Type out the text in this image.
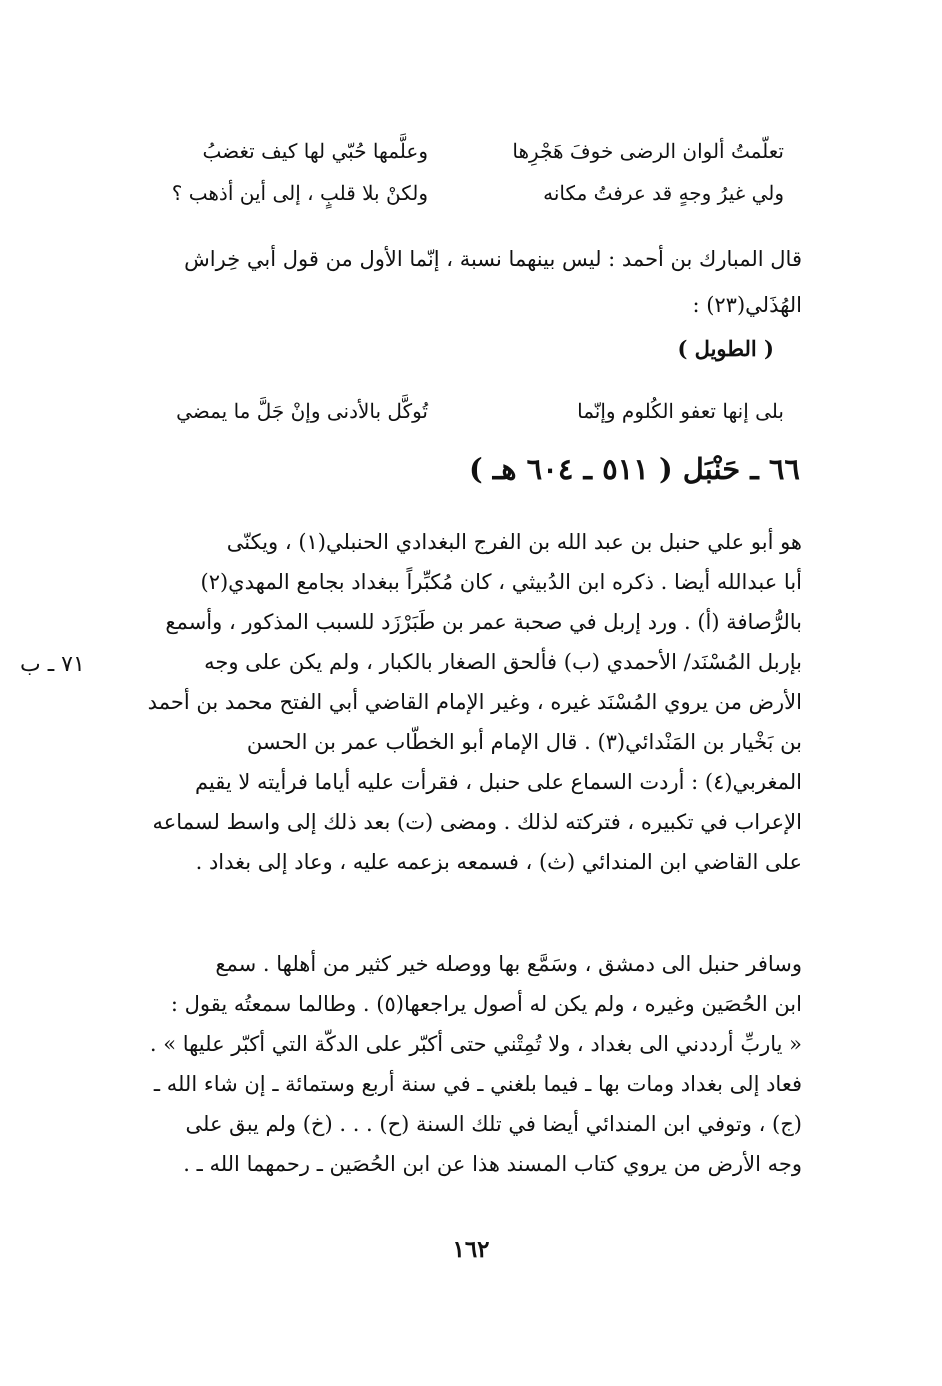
تعلّمتُ ألوان الرضى خوفَ هَجْرِها
وعلَّمها حُبّي لها كيف تغضبُ
ولي غيرُ وجهٍ قد عرفتُ مكانه
ولكنْ بلا قلبٍ ، إلى أين أذهب ؟
قال المبارك بن أحمد : ليس بينهما نسبة ، إنّما الأول من قول أبي خِراش
الهُذَلي(٢٣) :
( الطويل )
بلى إنها تعفو الكُلوم وإنّما
تُوكَّل بالأدنى وإنْ جَلَّ ما يمضي
٦٦ ـ حَنْبَل ( ٥١١ ـ ٦٠٤ هـ )
هو أبو علي حنبل بن عبد الله بن الفرج البغدادي الحنبلي(١) ، ويكنّى
أبا عبدالله أيضا . ذكره ابن الدُبيثي ، كان مُكبِّراً ببغداد بجامع المهدي(٢)
بالرُّصافة (أ) . ورد إربل في صحبة عمر بن طَبَرْزَد للسبب المذكور ، وأسمع
بإربل المُسْنَد/ الأحمدي (ب) فألحق الصغار بالكبار ، ولم يكن على وجه
الأرض من يروي المُسْنَد غيره ، وغير الإمام القاضي أبي الفتح محمد بن أحمد
بن بَخْيار بن المَنْدائي(٣) . قال الإمام أبو الخطّاب عمر بن الحسن
المغربي(٤) : أردت السماع على حنبل ، فقرأت عليه أياما فرأيته لا يقيم
الإعراب في تكبيره ، فتركته لذلك . ومضى (ت) بعد ذلك إلى واسط لسماعه
على القاضي ابن المندائي (ث) ، فسمعه بزعمه عليه ، وعاد إلى بغداد .
٧١ ـ ب
وسافر حنبل الى دمشق ، وسَمَّع بها ووصله خير كثير من أهلها . سمع
ابن الحُصَين وغيره ، ولم يكن له أصول يراجعها(٥) . وطالما سمعتُه يقول :
« ياربِّ أرددني الى بغداد ، ولا تُمِتْني حتى أكبّر على الدكّة التي أكبّر عليها » .
فعاد إلى بغداد ومات بها ـ فيما بلغني ـ في سنة أربع وستمائة ـ إن شاء الله ـ
(ج) ، وتوفي ابن المندائي أيضا في تلك السنة (ح) . . . (خ) ولم يبق على
وجه الأرض من يروي كتاب المسند هذا عن ابن الحُصَين ـ رحمهما الله ـ .
١٦٢
